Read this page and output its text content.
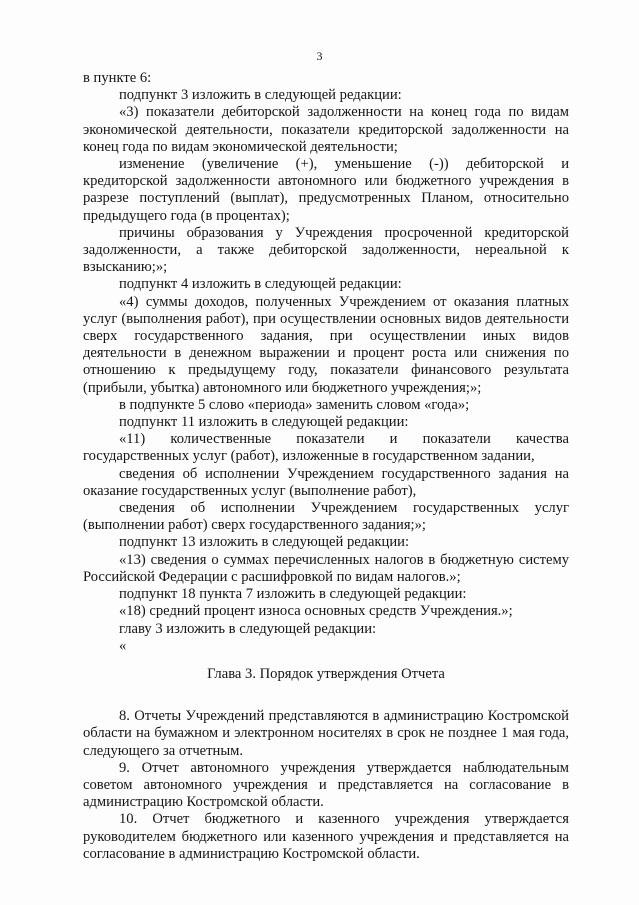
3

в пункте 6:

подпункт 3 изложить в следующей редакции:

«3) показатели дебиторской задолженности на конец года по видам экономической деятельности, показатели кредиторской задолженности на конец года по видам экономической деятельности;

изменение (увеличение (+), уменьшение (-)) дебиторской и кредиторской задолженности автономного или бюджетного учреждения в разрезе поступлений (выплат), предусмотренных Планом, относительно предыдущего года (в процентах);

причины образования у Учреждения просроченной кредиторской задолженности, а также дебиторской задолженности, нереальной к взысканию;»;

подпункт 4 изложить в следующей редакции:

«4) суммы доходов, полученных Учреждением от оказания платных услуг (выполнения работ), при осуществлении основных видов деятельности сверх государственного задания, при осуществлении иных видов деятельности в денежном выражении и процент роста или снижения по отношению к предыдущему году, показатели финансового результата (прибыли, убытка) автономного или бюджетного учреждения;»;

в подпункте 5 слово «периода» заменить словом «года»;

подпункт 11 изложить в следующей редакции:

«11) количественные показатели и показатели качества государственных услуг (работ), изложенные в государственном задании,

сведения об исполнении Учреждением государственного задания на оказание государственных услуг (выполнение работ),

сведения об исполнении Учреждением государственных услуг (выполнении работ) сверх государственного задания;»;

подпункт 13 изложить в следующей редакции:

«13) сведения о суммах перечисленных налогов в бюджетную систему Российской Федерации с расшифровкой по видам налогов.»;

подпункт 18 пункта 7 изложить в следующей редакции:

«18) средний процент износа основных средств Учреждения.»;

главу 3 изложить в следующей редакции:

«

Глава 3. Порядок утверждения Отчета

8. Отчеты Учреждений представляются в администрацию Костромской области на бумажном и электронном носителях в срок не позднее 1 мая года, следующего за отчетным.

9. Отчет автономного учреждения утверждается наблюдательным советом автономного учреждения и представляется на согласование в администрацию Костромской области.

10. Отчет бюджетного и казенного учреждения утверждается руководителем бюджетного или казенного учреждения и представляется на согласование в администрацию Костромской области.
